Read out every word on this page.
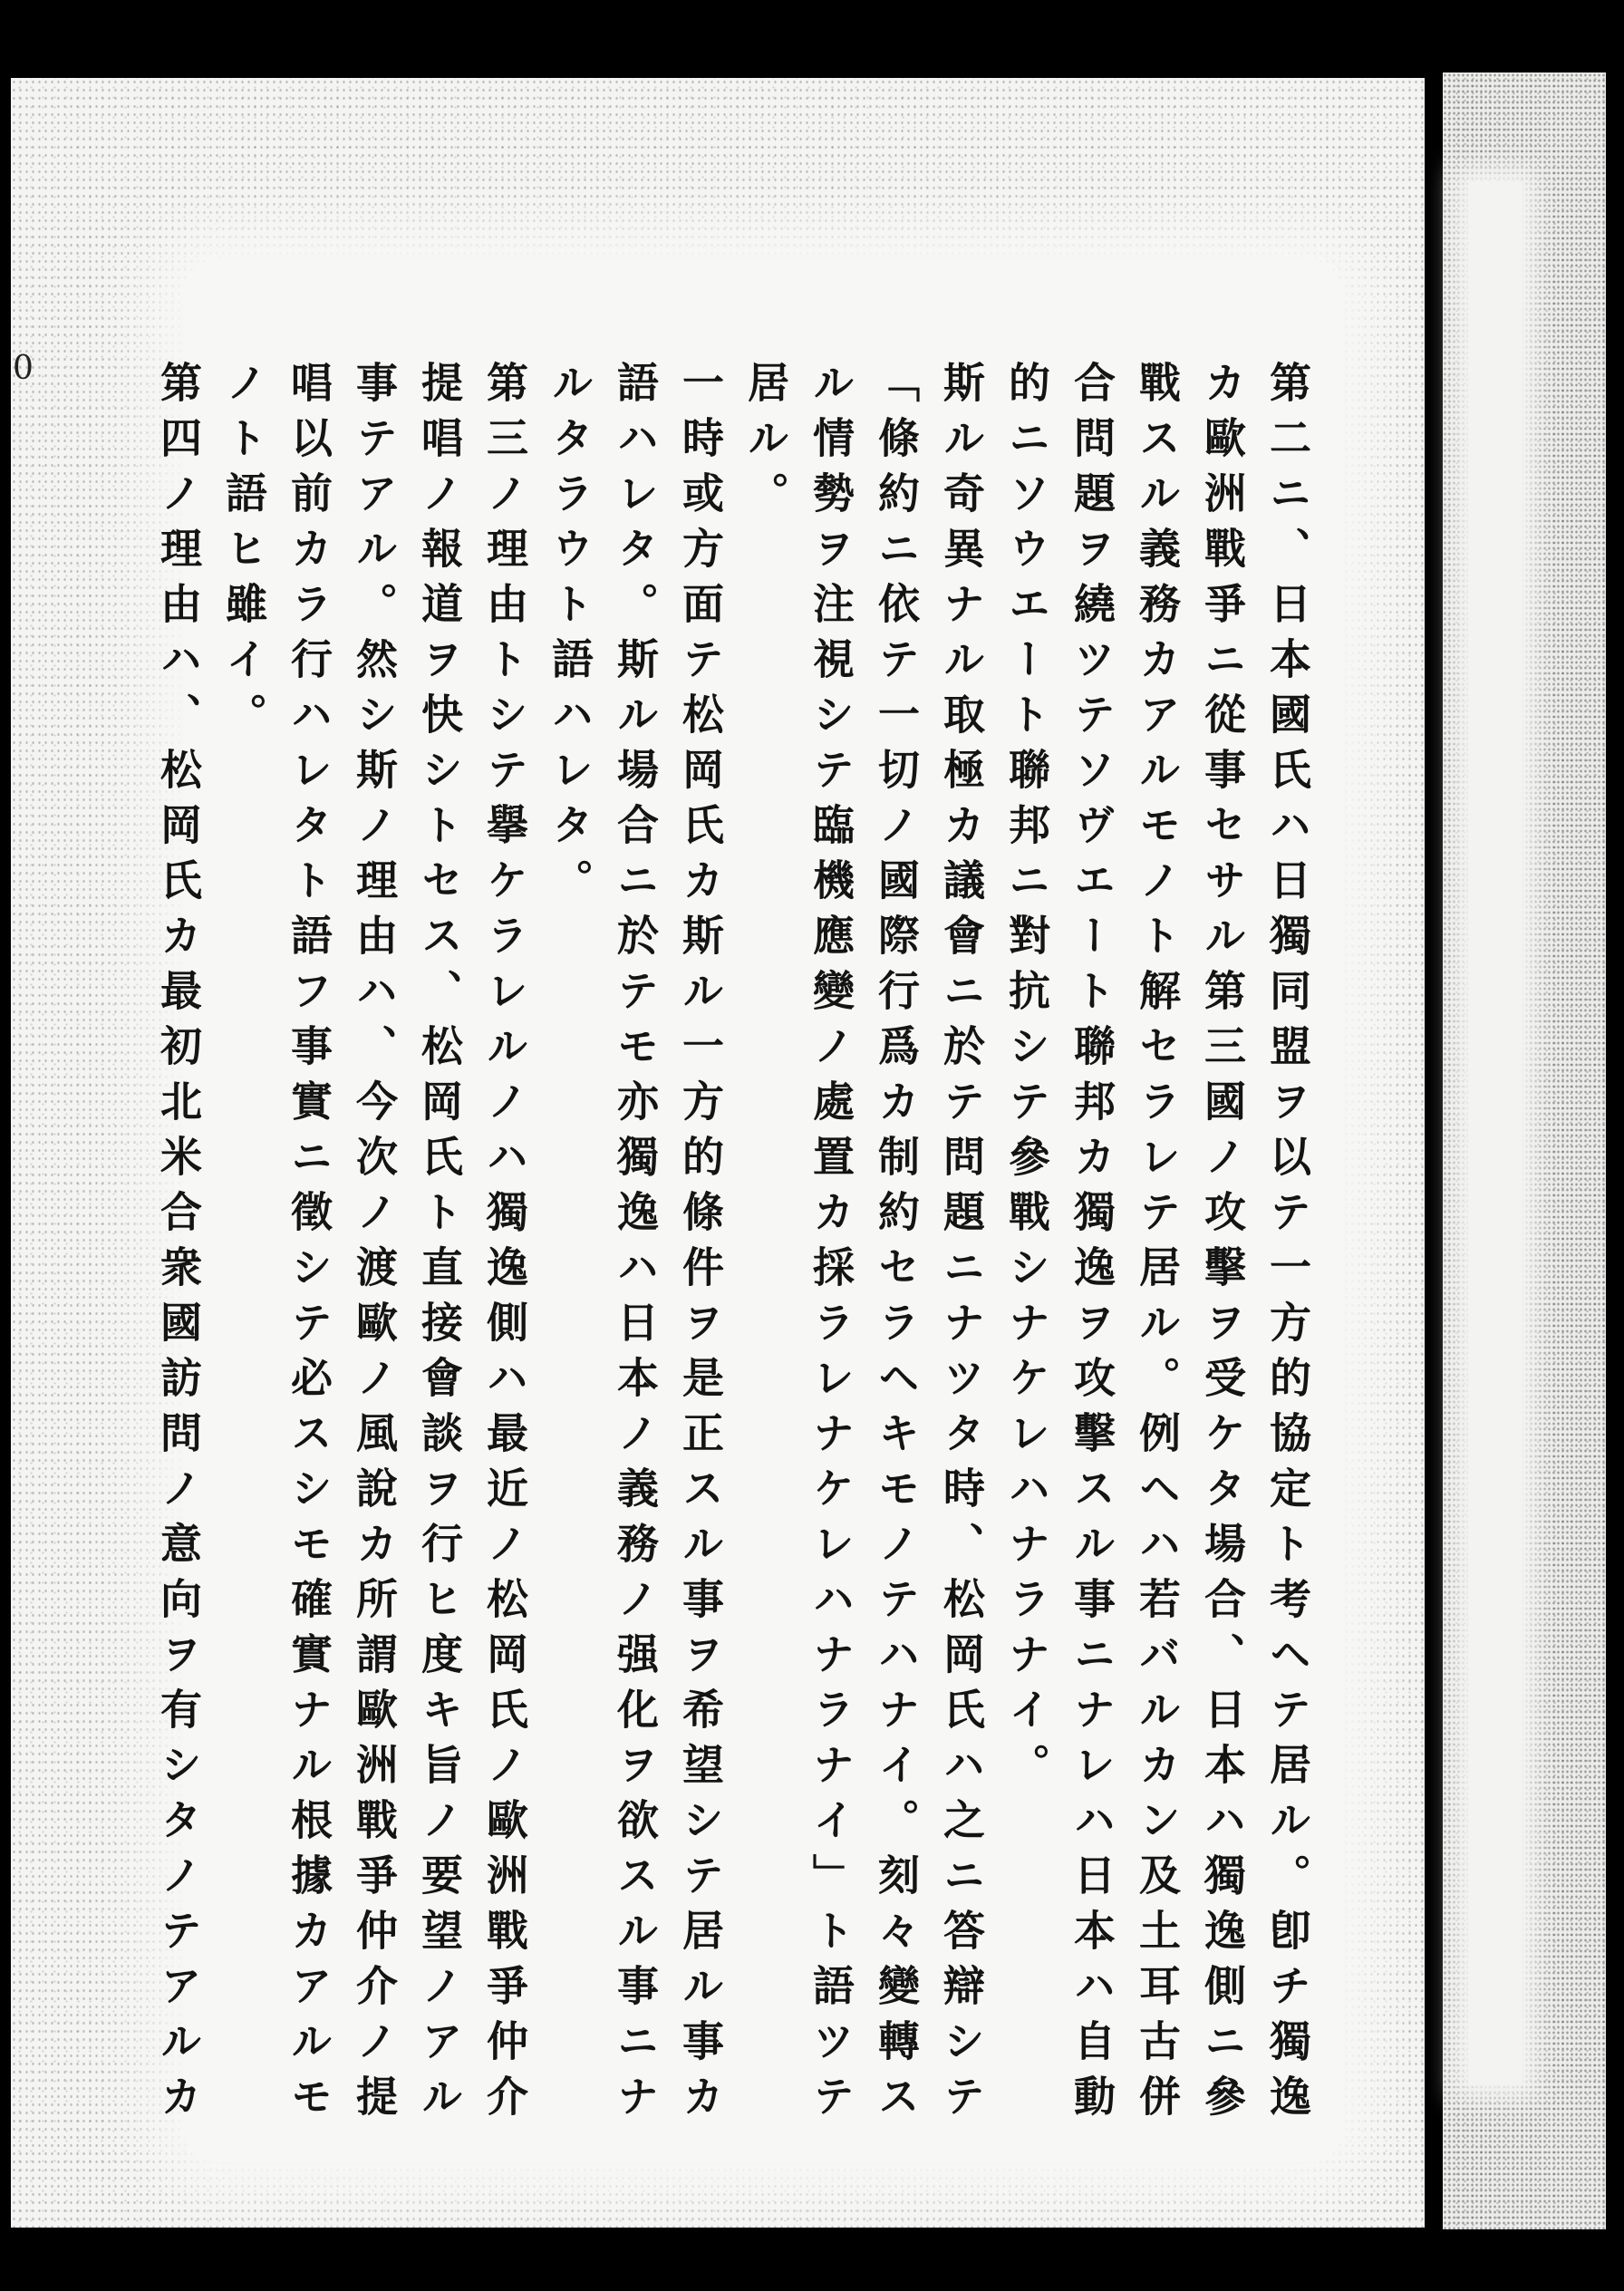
0	第二ニ、日本國氏ハ日獨同盟ヲ以テ一方的協定ト考ヘテ居ル。卽チ獨逸
カ歐洲戰爭ニ從事セサル第三國ノ攻擊ヲ受ケタ場合、日本ハ獨逸側ニ參
戰スル義務カアルモノト解セラレテ居ル。例ヘハ若バルカン及土耳古併
合問題ヲ繞ツテソヴエート聯邦カ獨逸ヲ攻擊スル事ニナレハ日本ハ自動
的ニソウエート聯邦ニ對抗シテ參戰シナケレハナラナイ。
斯ル奇異ナル取極カ議會ニ於テ問題ニナツタ時、松岡氏ハ之ニ答辯シテ
「條約ニ依テ一切ノ國際行爲カ制約セラヘキモノテハナイ。刻々變轉ス
ル情勢ヲ注視シテ臨機應變ノ處置カ採ラレナケレハナラナイ」ト語ツテ
居ル。
一時或方面テ松岡氏カ斯ル一方的條件ヲ是正スル事ヲ希望シテ居ル事カ
語ハレタ。斯ル場合ニ於テモ亦獨逸ハ日本ノ義務ノ强化ヲ欲スル事ニナ
ルタラウト語ハレタ。
第三ノ理由トシテ擧ケラレルノハ獨逸側ハ最近ノ松岡氏ノ歐洲戰爭仲介
提唱ノ報道ヲ快シトセス、松岡氏ト直接會談ヲ行ヒ度キ旨ノ要望ノアル
事テアル。然シ斯ノ理由ハ、今次ノ渡歐ノ風說カ所謂歐洲戰爭仲介ノ提
唱以前カラ行ハレタト語フ事實ニ徵シテ必スシモ確實ナル根據カアルモ
ノト語ヒ雖イ。
第四ノ理由ハ、松岡氏カ最初北米合衆國訪問ノ意向ヲ有シタノテアルカ
